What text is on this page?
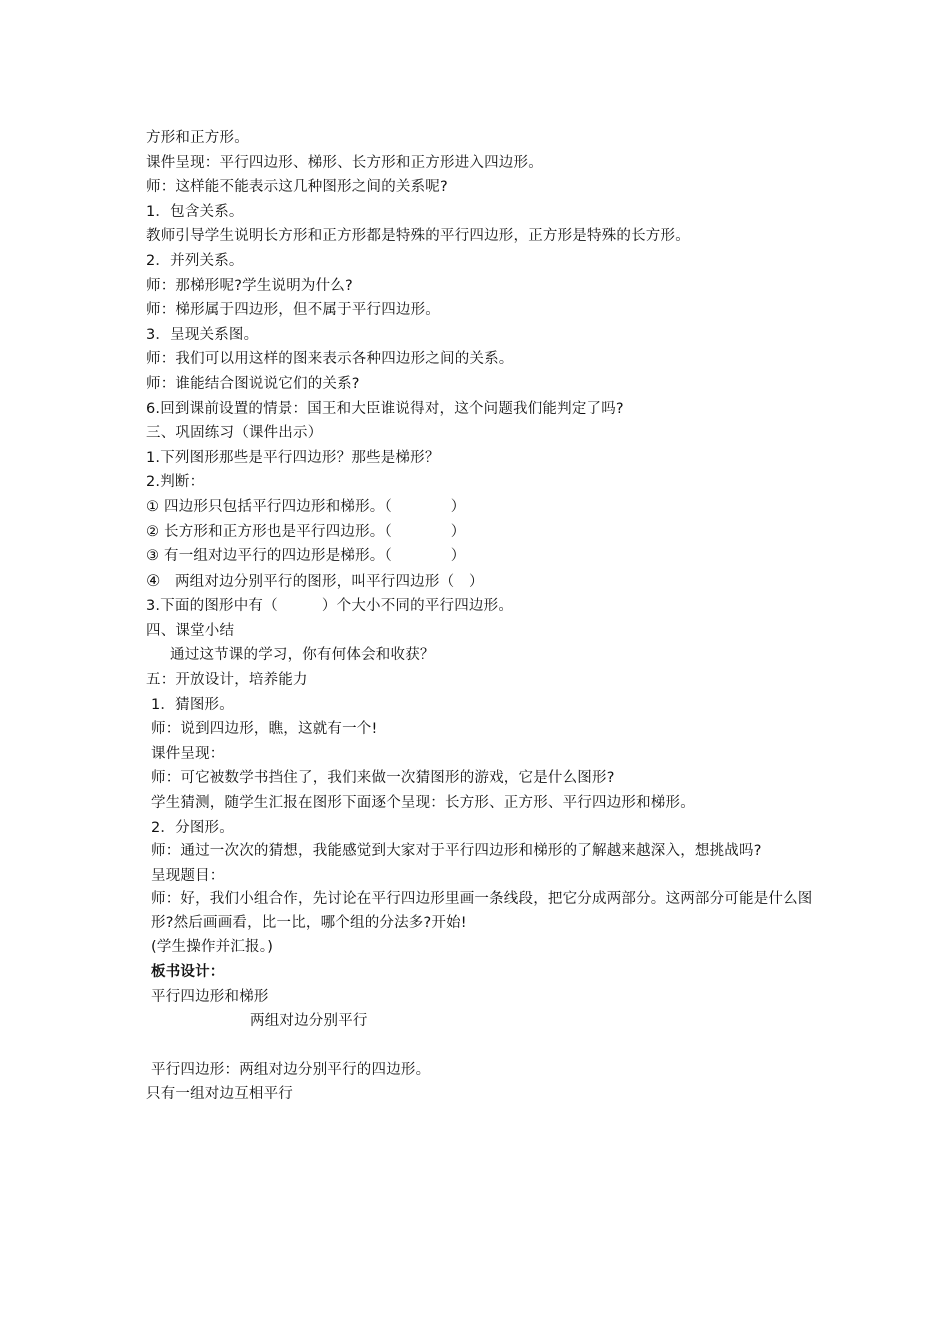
方形和正方形。
课件呈现：平行四边形、梯形、长方形和正方形进入四边形。
师：这样能不能表示这几种图形之间的关系呢?
1．包含关系。
教师引导学生说明长方形和正方形都是特殊的平行四边形，正方形是特殊的长方形。
2．并列关系。
师：那梯形呢?学生说明为什么?
师：梯形属于四边形，但不属于平行四边形。
3．呈现关系图。
师：我们可以用这样的图来表示各种四边形之间的关系。
师：谁能结合图说说它们的关系?
6.回到课前设置的情景：国王和大臣谁说得对，这个问题我们能判定了吗?
三、巩固练习（课件出示）
1.下列图形那些是平行四边形？那些是梯形？
2.判断：
① 四边形只包括平行四边形和梯形。（　　　　）
② 长方形和正方形也是平行四边形。（　　　　）
③ 有一组对边平行的四边形是梯形。（　　　　）
④ 两组对边分别平行的图形，叫平行四边形（　）
3.下面的图形中有（　　　）个大小不同的平行四边形。
四、课堂小结
通过这节课的学习，你有何体会和收获？
五：开放设计，培养能力
1．猜图形。
师：说到四边形，瞧，这就有一个!
课件呈现：
师：可它被数学书挡住了，我们来做一次猜图形的游戏，它是什么图形?
学生猜测，随学生汇报在图形下面逐个呈现：长方形、正方形、平行四边形和梯形。
2．分图形。
师：通过一次次的猜想，我能感觉到大家对于平行四边形和梯形的了解越来越深入，想挑战吗?
呈现题目：
师：好，我们小组合作，先讨论在平行四边形里画一条线段，把它分成两部分。这两部分可能是什么图形?然后画画看，比一比，哪个组的分法多?开始!
(学生操作并汇报。)
板书设计：
平行四边形和梯形
两组对边分别平行
平行四边形：两组对边分别平行的四边形。
只有一组对边互相平行
